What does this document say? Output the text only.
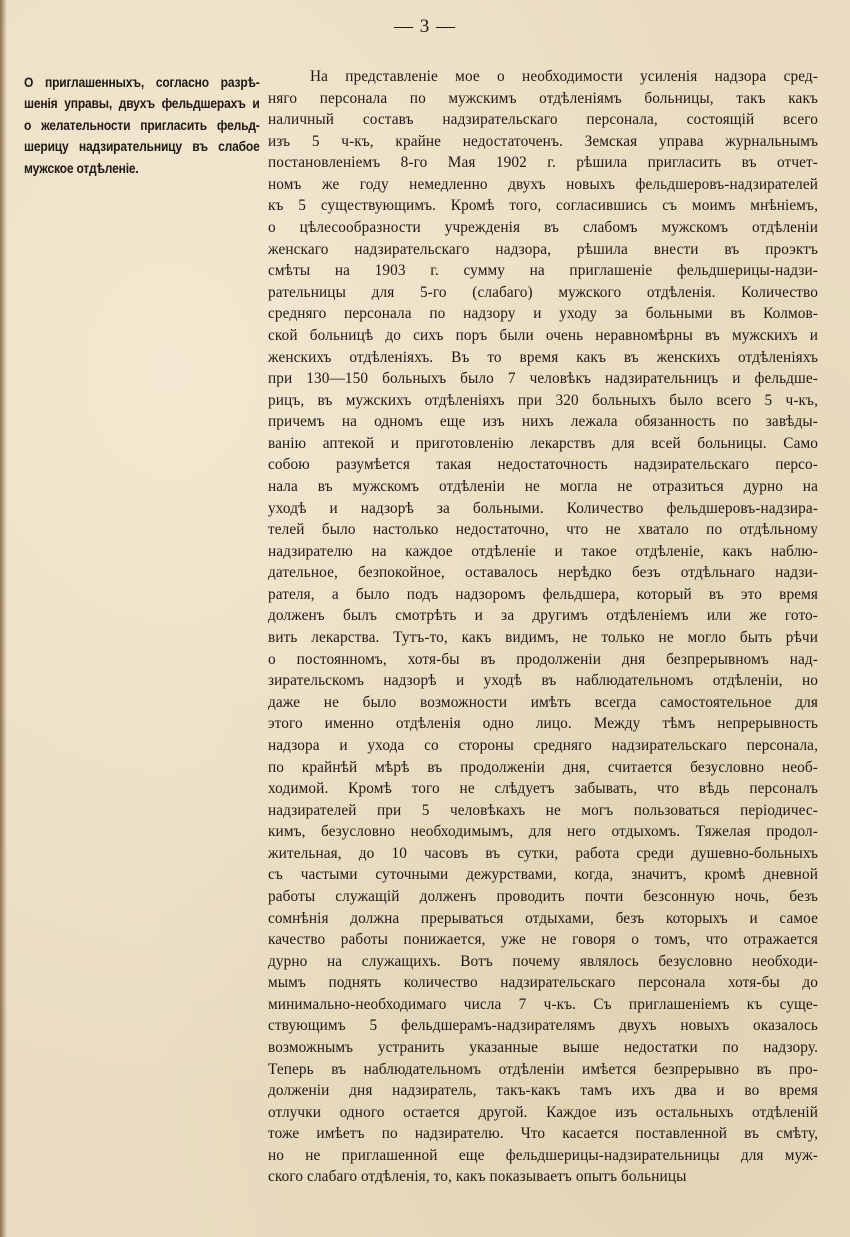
— 3 —
О приглашенныхъ, согласно разрѣ-
шенія управы, двухъ фельдшерахъ и
о желательности пригласить фельд-
шерицу надзирательницу въ слабое
мужское отдѣленіе.
На представленіе мое о необходимости усиленія надзора сред-
няго персонала по мужскимъ отдѣленіямъ больницы, такъ какъ
наличный составъ надзирательскаго персонала, состоящій всего
изъ 5 ч-къ, крайне недостаточенъ. Земская управа журнальнымъ
постановленіемъ 8-го Мая 1902 г. рѣшила пригласить въ отчет-
номъ же году немедленно двухъ новыхъ фельдшеровъ-надзирателей
къ 5 существующимъ. Кромѣ того, согласившись съ моимъ мнѣніемъ,
о цѣлесообразности учрежденія въ слабомъ мужскомъ отдѣленіи
женскаго надзирательскаго надзора, рѣшила внести въ проэктъ
смѣты на 1903 г. сумму на приглашеніе фельдшерицы-надзи-
рательницы для 5-го (слабаго) мужского отдѣленія. Количество
средняго персонала по надзору и уходу за больными въ Колмов-
ской больницѣ до сихъ поръ были очень неравномѣрны въ мужскихъ и
женскихъ отдѣленіяхъ. Въ то время какъ въ женскихъ отдѣленіяхъ
при 130—150 больныхъ было 7 человѣкъ надзирательницъ и фельдше-
рицъ, въ мужскихъ отдѣленіяхъ при 320 больныхъ было всего 5 ч-къ,
причемъ на одномъ еще изъ нихъ лежала обязанность по завѣды-
ванію аптекой и приготовленію лекарствъ для всей больницы. Само
собою разумѣется такая недостаточность надзирательскаго персо-
нала въ мужскомъ отдѣленіи не могла не отразиться дурно на
уходѣ и надзорѣ за больными. Количество фельдшеровъ-надзира-
телей было настолько недостаточно, что не хватало по отдѣльному
надзирателю на каждое отдѣленіе и такое отдѣленіе, какъ наблю-
дательное, безпокойное, оставалось нерѣдко безъ отдѣльнаго надзи-
рателя, а было подъ надзоромъ фельдшера, который въ это время
долженъ былъ смотрѣть и за другимъ отдѣленіемъ или же гото-
вить лекарства. Тутъ-то, какъ видимъ, не только не могло быть рѣчи
о постоянномъ, хотя-бы въ продолженіи дня безпрерывномъ над-
зирательскомъ надзорѣ и уходѣ въ наблюдательномъ отдѣленіи, но
даже не было возможности имѣть всегда самостоятельное для
этого именно отдѣленія одно лицо. Между тѣмъ непрерывность
надзора и ухода со стороны средняго надзирательскаго персонала,
по крайнѣй мѣрѣ въ продолженіи дня, считается безусловно необ-
ходимой. Кромѣ того не слѣдуетъ забывать, что вѣдь персоналъ
надзирателей при 5 человѣкахъ не могъ пользоваться періодичес-
кимъ, безусловно необходимымъ, для него отдыхомъ. Тяжелая продол-
жительная, до 10 часовъ въ сутки, работа среди душевно-больныхъ
съ частыми суточными дежурствами, когда, значитъ, кромѣ дневной
работы служащій долженъ проводить почти безсонную ночь, безъ
сомнѣнія должна прерываться отдыхами, безъ которыхъ и самое
качество работы понижается, уже не говоря о томъ, что отражается
дурно на служащихъ. Вотъ почему являлось безусловно необходи-
мымъ поднять количество надзирательскаго персонала хотя-бы до
минимально-необходимаго числа 7 ч-къ. Съ приглашеніемъ къ суще-
ствующимъ 5 фельдшерамъ-надзирателямъ двухъ новыхъ оказалось
возможнымъ устранить указанные выше недостатки по надзору.
Теперь въ наблюдательномъ отдѣленіи имѣется безпрерывно въ про-
долженіи дня надзиратель, такъ-какъ тамъ ихъ два и во время
отлучки одного остается другой. Каждое изъ остальныхъ отдѣленій
тоже имѣетъ по надзирателю. Что касается поставленной въ смѣту,
но не приглашенной еще фельдшерицы-надзирательницы для муж-
ского слабаго отдѣленія, то, какъ показываетъ опытъ больницы
